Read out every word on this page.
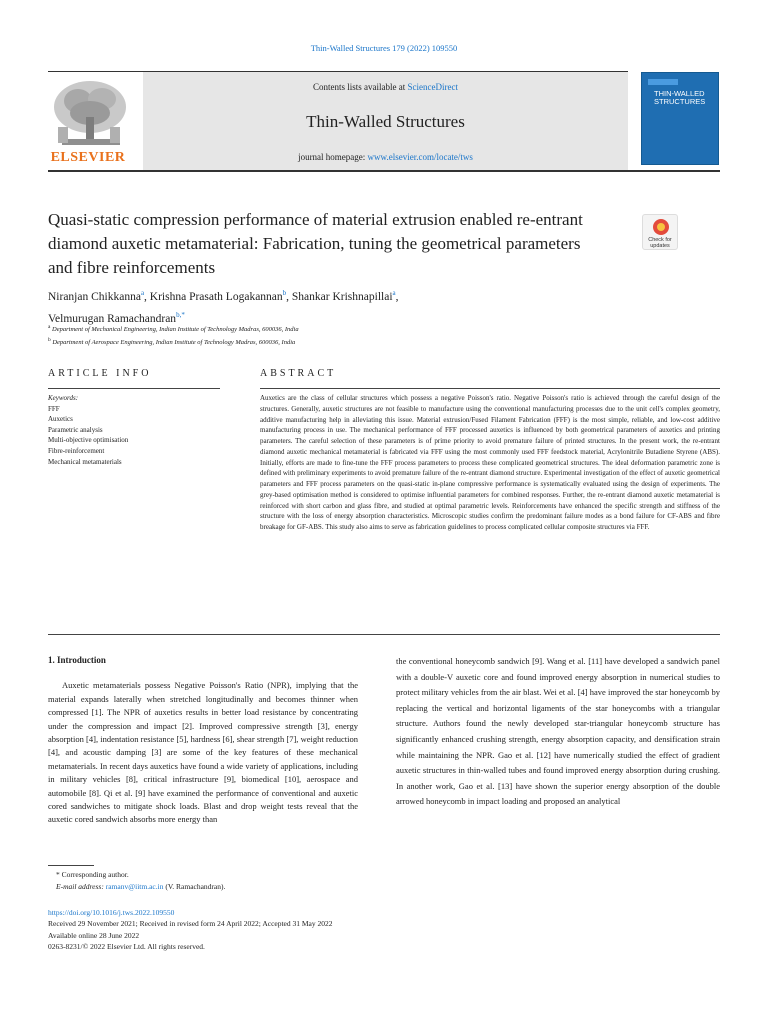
Thin-Walled Structures 179 (2022) 109550
ELSEVIER
Contents lists available at ScienceDirect
Thin-Walled Structures
journal homepage: www.elsevier.com/locate/tws
THIN-WALLED STRUCTURES
Quasi-static compression performance of material extrusion enabled re-entrant diamond auxetic metamaterial: Fabrication, tuning the geometrical parameters and fibre reinforcements
Check for updates
Niranjan Chikkanna$^a$, Krishna Prasath Logakannan$^b$, Shankar Krishnapillai$^a$,
Velmurugan Ramachandran$^{b,*}$
$^a$ Department of Mechanical Engineering, Indian Institute of Technology Madras, 600036, India
$^b$ Department of Aerospace Engineering, Indian Institute of Technology Madras, 600036, India
ARTICLE INFO
Keywords:
FFF
Auxetics
Parametric analysis
Multi-objective optimisation
Fibre-reinforcement
Mechanical metamaterials
ABSTRACT
Auxetics are the class of cellular structures which possess a negative Poisson's ratio. Negative Poisson's ratio is achieved through the careful design of the structures. Generally, auxetic structures are not feasible to manufacture using the conventional manufacturing processes due to the unit cell's complex geometry, additive manufacturing help in alleviating this issue. Material extrusion/Fused Filament Fabrication (FFF) is the most simple, reliable, and low-cost additive manufacturing process in use. The mechanical performance of FFF processed auxetics is influenced by both geometrical parameters of auxetics and printing parameters. The careful selection of these parameters is of prime priority to avoid premature failure of printed structures. In the present work, the re-entrant diamond auxetic mechanical metamaterial is fabricated via FFF using the most commonly used FFF feedstock material, Acrylonitrile Butadiene Styrene (ABS). Initially, efforts are made to fine-tune the FFF process parameters to process these complicated geometrical structures. The ideal deformation parametric zone is defined with preliminary experiments to avoid premature failure of the re-entrant diamond structure. Experimental investigation of the effect of auxetic geometrical parameters and FFF process parameters on the quasi-static in-plane compressive performance is systematically evaluated using the design of experiments. The grey-based optimisation method is considered to optimise influential parameters for combined responses. Further, the re-entrant diamond auxetic metamaterial is reinforced with short carbon and glass fibre, and studied at optimal parametric levels. Reinforcements have enhanced the specific strength and stiffness of the structure with the loss of energy absorption characteristics. Microscopic studies confirm the predominant failure modes as a bond failure for CF-ABS and fibre breakage for GF-ABS. This study also aims to serve as fabrication guidelines to process complicated cellular composite structures via FFF.
1. Introduction

Auxetic metamaterials possess Negative Poisson's Ratio (NPR), implying that the material expands laterally when stretched longitudinally and becomes thinner when compressed [1]. The NPR of auxetics results in better load resistance by concentrating under the compression and impact [2]. Improved compressive strength [3], energy absorption [4], indentation resistance [5], hardness [6], shear strength [7], weight reduction [4], and acoustic damping [3] are some of the key features of these mechanical metamaterials. In recent days auxetics have found a wide variety of applications, including in military vehicles [8], critical infrastructure [9], biomedical [10], aerospace and automobile [8]. Qi et al. [9] have examined the performance of conventional and auxetic cored sandwiches to mitigate shock loads. Blast and drop weight tests reveal that the auxetic cored sandwich absorbs more energy than

the conventional honeycomb sandwich [9]. Wang et al. [11] have developed a sandwich panel with a double-V auxetic core and found improved energy absorption in numerical studies to protect military vehicles from the air blast. Wei et al. [4] have improved the star honeycomb by replacing the vertical and horizontal ligaments of the star honeycombs with a triangular structure. Authors found the newly developed star-triangular honeycomb structure has significantly enhanced crushing strength, energy absorption capacity, and densification strain while maintaining the NPR. Gao et al. [12] have numerically studied the effect of gradient auxetic structures in thin-walled tubes and found improved energy absorption during crushing. In another work, Gao et al. [13] have shown the superior energy absorption of the double arrowed honeycomb in impact loading and proposed an analytical

* Corresponding author.
E-mail address: ramanv@iitm.ac.in (V. Ramachandran).
https://doi.org/10.1016/j.tws.2022.109550
Received 29 November 2021; Received in revised form 24 April 2022; Accepted 31 May 2022
Available online 28 June 2022
0263-8231/© 2022 Elsevier Ltd. All rights reserved.
